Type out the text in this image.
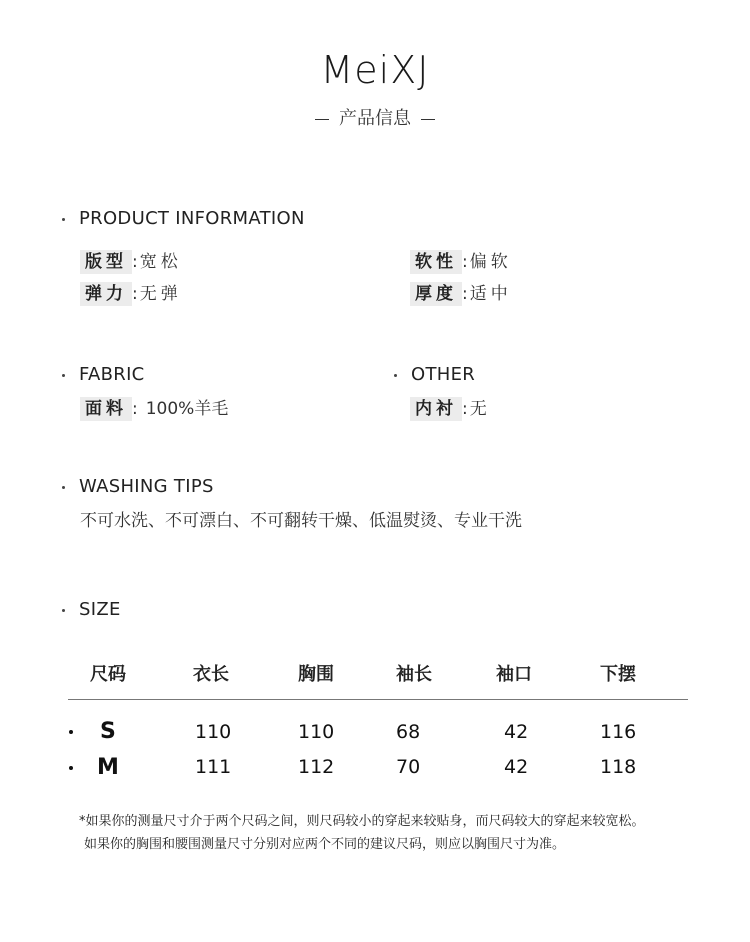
MeiXJ
产品信息
PRODUCT INFORMATION
版型 : 宽松	软性 : 偏软
弹力 : 无弹	厚度 : 适中
FABRIC
面料 : 100%羊毛
OTHER
内衬 : 无
WASHING TIPS
不可水洗、不可漂白、不可翻转干燥、低温熨烫、专业干洗
SIZE
尺码	衣长	胸围	袖长	袖口	下摆
S	110	110	68	42	116
M	111	112	70	42	118
*如果你的测量尺寸介于两个尺码之间，则尺码较小的穿起来较贴身，而尺码较大的穿起来较宽松。
如果你的胸围和腰围测量尺寸分别对应两个不同的建议尺码，则应以胸围尺寸为准。
